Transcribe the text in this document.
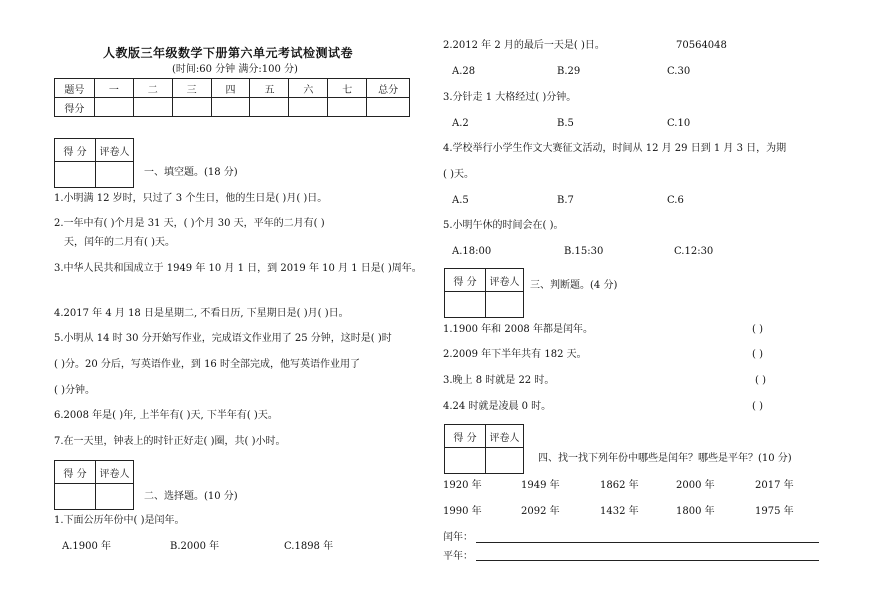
人教版三年级数学下册第六单元考试检测试卷
(时间:60 分钟 满分:100 分)
题号	一	二	三	四	五	六	七	总分
得分								
得 分	评卷人

一、填空题。(18 分)
1.小明满 12 岁时，只过了 3 个生日，他的生日是( )月( )日。
2.一年中有( )个月是 31 天，( )个月 30 天，平年的二月有( )
天，闰年的二月有( )天。
3.中华人民共和国成立于 1949 年 10 月 1 日，到 2019 年 10 月 1 日是( )周年。
4.2017 年 4 月 18 日是星期二, 不看日历, 下星期日是( )月( )日。
5.小明从 14 时 30 分开始写作业，完成语文作业用了 25 分钟，这时是( )时
( )分。20 分后，写英语作业，到 16 时全部完成，他写英语作业用了
( )分钟。
6.2008 年是( )年, 上半年有( )天, 下半年有( )天。
7.在一天里，钟表上的时针正好走( )圈，共( )小时。
得 分	评卷人

二、选择题。(10 分)
1.下面公历年份中( )是闰年。
A.1900 年	B.2000 年	C.1898 年
2.2012 年 2 月的最后一天是( )日。	70564048
A.28	B.29	C.30
3.分针走 1 大格经过( )分钟。
A.2	B.5	C.10
4.学校举行小学生作文大赛征文活动，时间从 12 月 29 日到 1 月 3 日，为期
( )天。
A.5	B.7	C.6
5.小明午休的时间会在( )。
A.18:00	B.15:30	C.12:30
得 分	评卷人
	三、判断题。(4 分)
1.1900 年和 2008 年都是闰年。	( )
2.2009 年下半年共有 182 天。	( )
3.晚上 8 时就是 22 时。	( )
4.24 时就是凌晨 0 时。	( )
得 分	评卷人

四、找一找下列年份中哪些是闰年？哪些是平年？(10 分)
1920 年	1949 年	1862 年	2000 年	2017 年
1990 年	2092 年	1432 年	1800 年	1975 年
闰年：
平年：
